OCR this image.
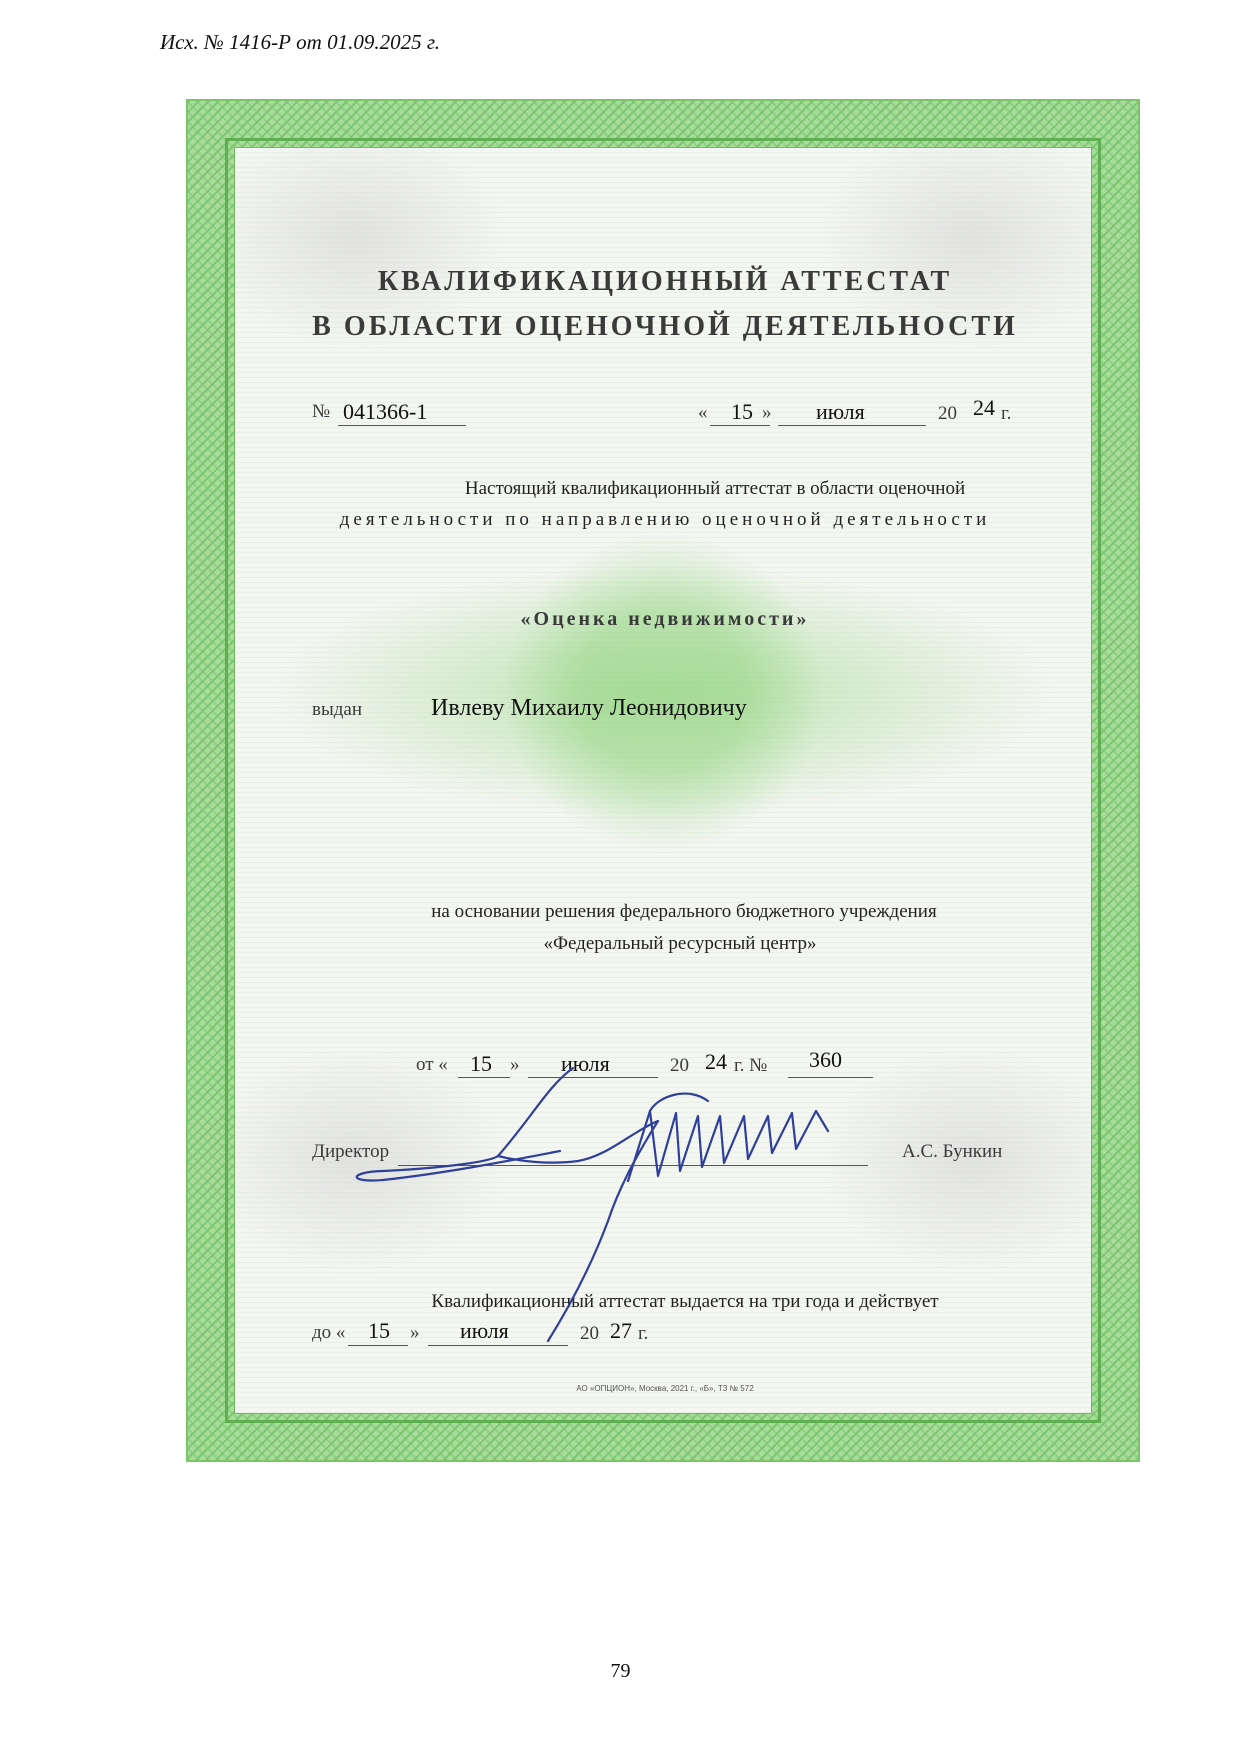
Исх. № 1416-Р от 01.09.2025 г.
КВАЛИФИКАЦИОННЫЙ АТТЕСТАТ
В ОБЛАСТИ ОЦЕНОЧНОЙ ДЕЯТЕЛЬНОСТИ
№ 041366-1	« 15 » июля	20 24 г.
Настоящий квалификационный аттестат в области оценочной
деятельности по направлению оценочной деятельности
«Оценка недвижимости»
выдан	Ивлеву Михаилу Леонидовичу
на основании решения федерального бюджетного учреждения
«Федеральный ресурсный центр»
от « 15 » июля	20 24 г. № 360
Директор	А.С. Бункин
Квалификационный аттестат выдается на три года и действует
до « 15 » июля	20 27 г.
АО «ОПЦИОН», Москва, 2021 г., «Б», Т3 № 572
79
